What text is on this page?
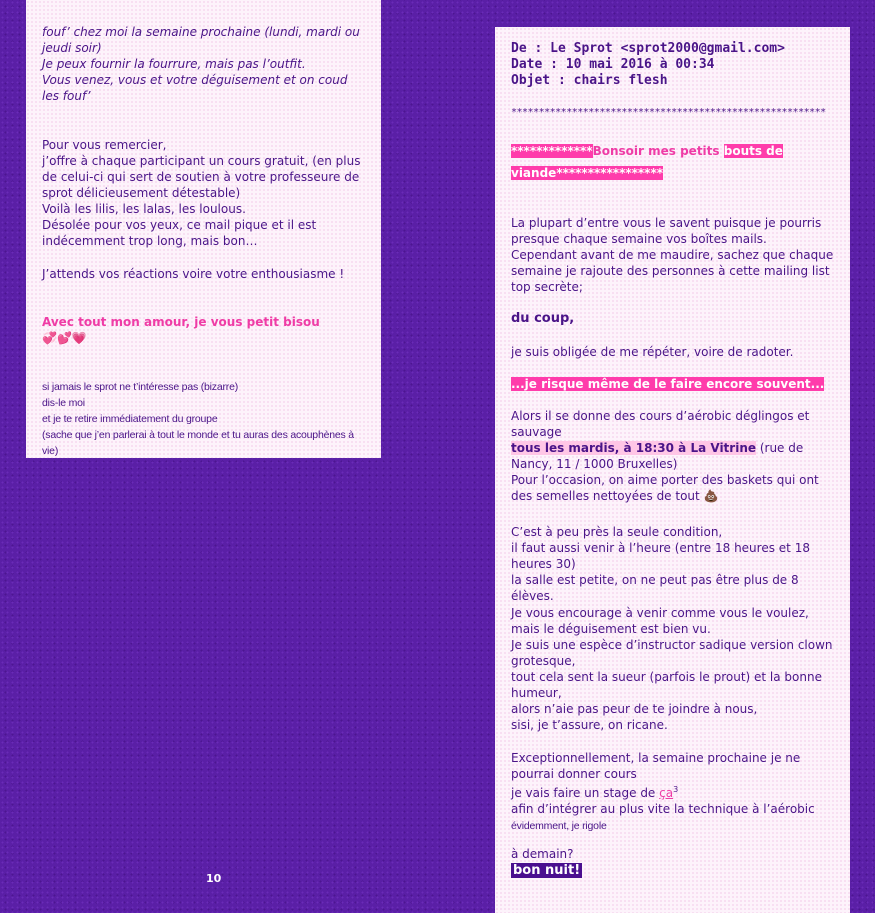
fouf’ chez moi la semaine prochaine (lundi, mardi ou jeudi soir)
Je peux fournir la fourrure, mais pas l’outfit.
Vous venez, vous et votre déguisement et on coud les fouf’

Pour vous remercier,
j’offre à chaque participant un cours gratuit, (en plus de celui-ci qui sert de soutien à votre professeure de sprot délicieusement détestable)
Voilà les lilis, les lalas, les loulous.
Désolée pour vos yeux, ce mail pique et il est indécemment trop long, mais bon…

J’attends vos réactions voire votre enthousiasme !

Avec tout mon amour, je vous petit bisou 💞💕💗

si jamais le sprot ne t’intéresse pas (bizarre)
dis-le moi
et je te retire immédiatement du groupe
(sache que j’en parlerai à tout le monde et tu auras des acouphènes à vie)

10
De : Le Sprot <sprot2000@gmail.com>
Date : 10 mai 2016 à 00:34
Objet : chairs flesh
*********************************************************
*************Bonsoir mes petits bouts de viande*****************

La plupart d’entre vous le savent puisque je pourris presque chaque semaine vos boîtes mails. Cependant avant de me maudire, sachez que chaque semaine je rajoute des personnes à cette mailing list top secrète;

du coup,

je suis obligée de me répéter, voire de radoter.

...je risque même de le faire encore souvent...

Alors il se donne des cours d’aérobic déglingos et sauvage
tous les mardis, à 18:30 à La Vitrine (rue de Nancy, 11 / 1000 Bruxelles)
Pour l’occasion, on aime porter des baskets qui ont des semelles nettoyées de tout 💩

C’est à peu près la seule condition,
il faut aussi venir à l’heure (entre 18 heures et 18 heures 30)
la salle est petite, on ne peut pas être plus de 8 élèves.

Je vous encourage à venir comme vous le voulez, mais le déguisement est bien vu.
Je suis une espèce d’instructor sadique version clown grotesque,
tout cela sent la sueur (parfois le prout) et la bonne humeur,
alors n’aie pas peur de te joindre à nous,
sisi, je t’assure, on ricane.

Exceptionnellement, la semaine prochaine je ne pourrai donner cours
je vais faire un stage de $ça^3$
afin d’intégrer au plus vite la technique à l’aérobic
évidemment, je rigole

à demain?
bon nuit!
